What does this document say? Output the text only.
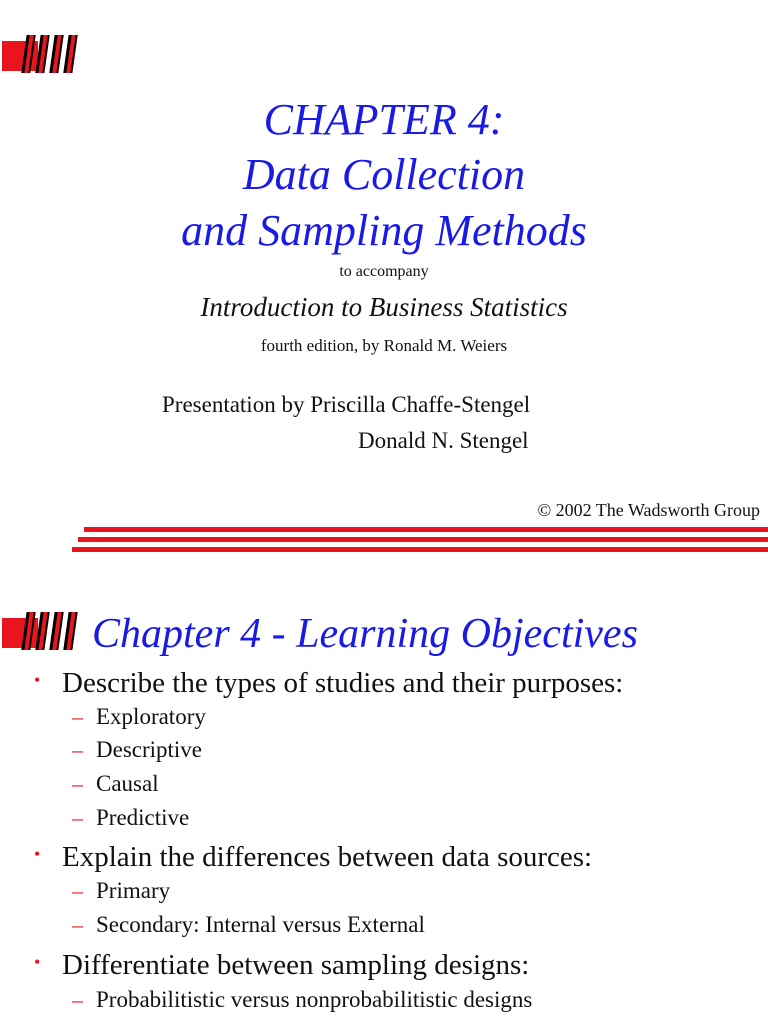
CHAPTER 4:
Data Collection
and Sampling Methods
to accompany
Introduction to Business Statistics
fourth edition, by Ronald M. Weiers
Presentation by Priscilla Chaffe-Stengel
Donald N. Stengel
© 2002 The Wadsworth Group
Chapter 4 - Learning Objectives
• Describe the types of studies and their purposes:
– Exploratory
– Descriptive
– Causal
– Predictive
• Explain the differences between data sources:
– Primary
– Secondary: Internal versus External
• Differentiate between sampling designs:
– Probabilitistic versus nonprobabilitistic designs
